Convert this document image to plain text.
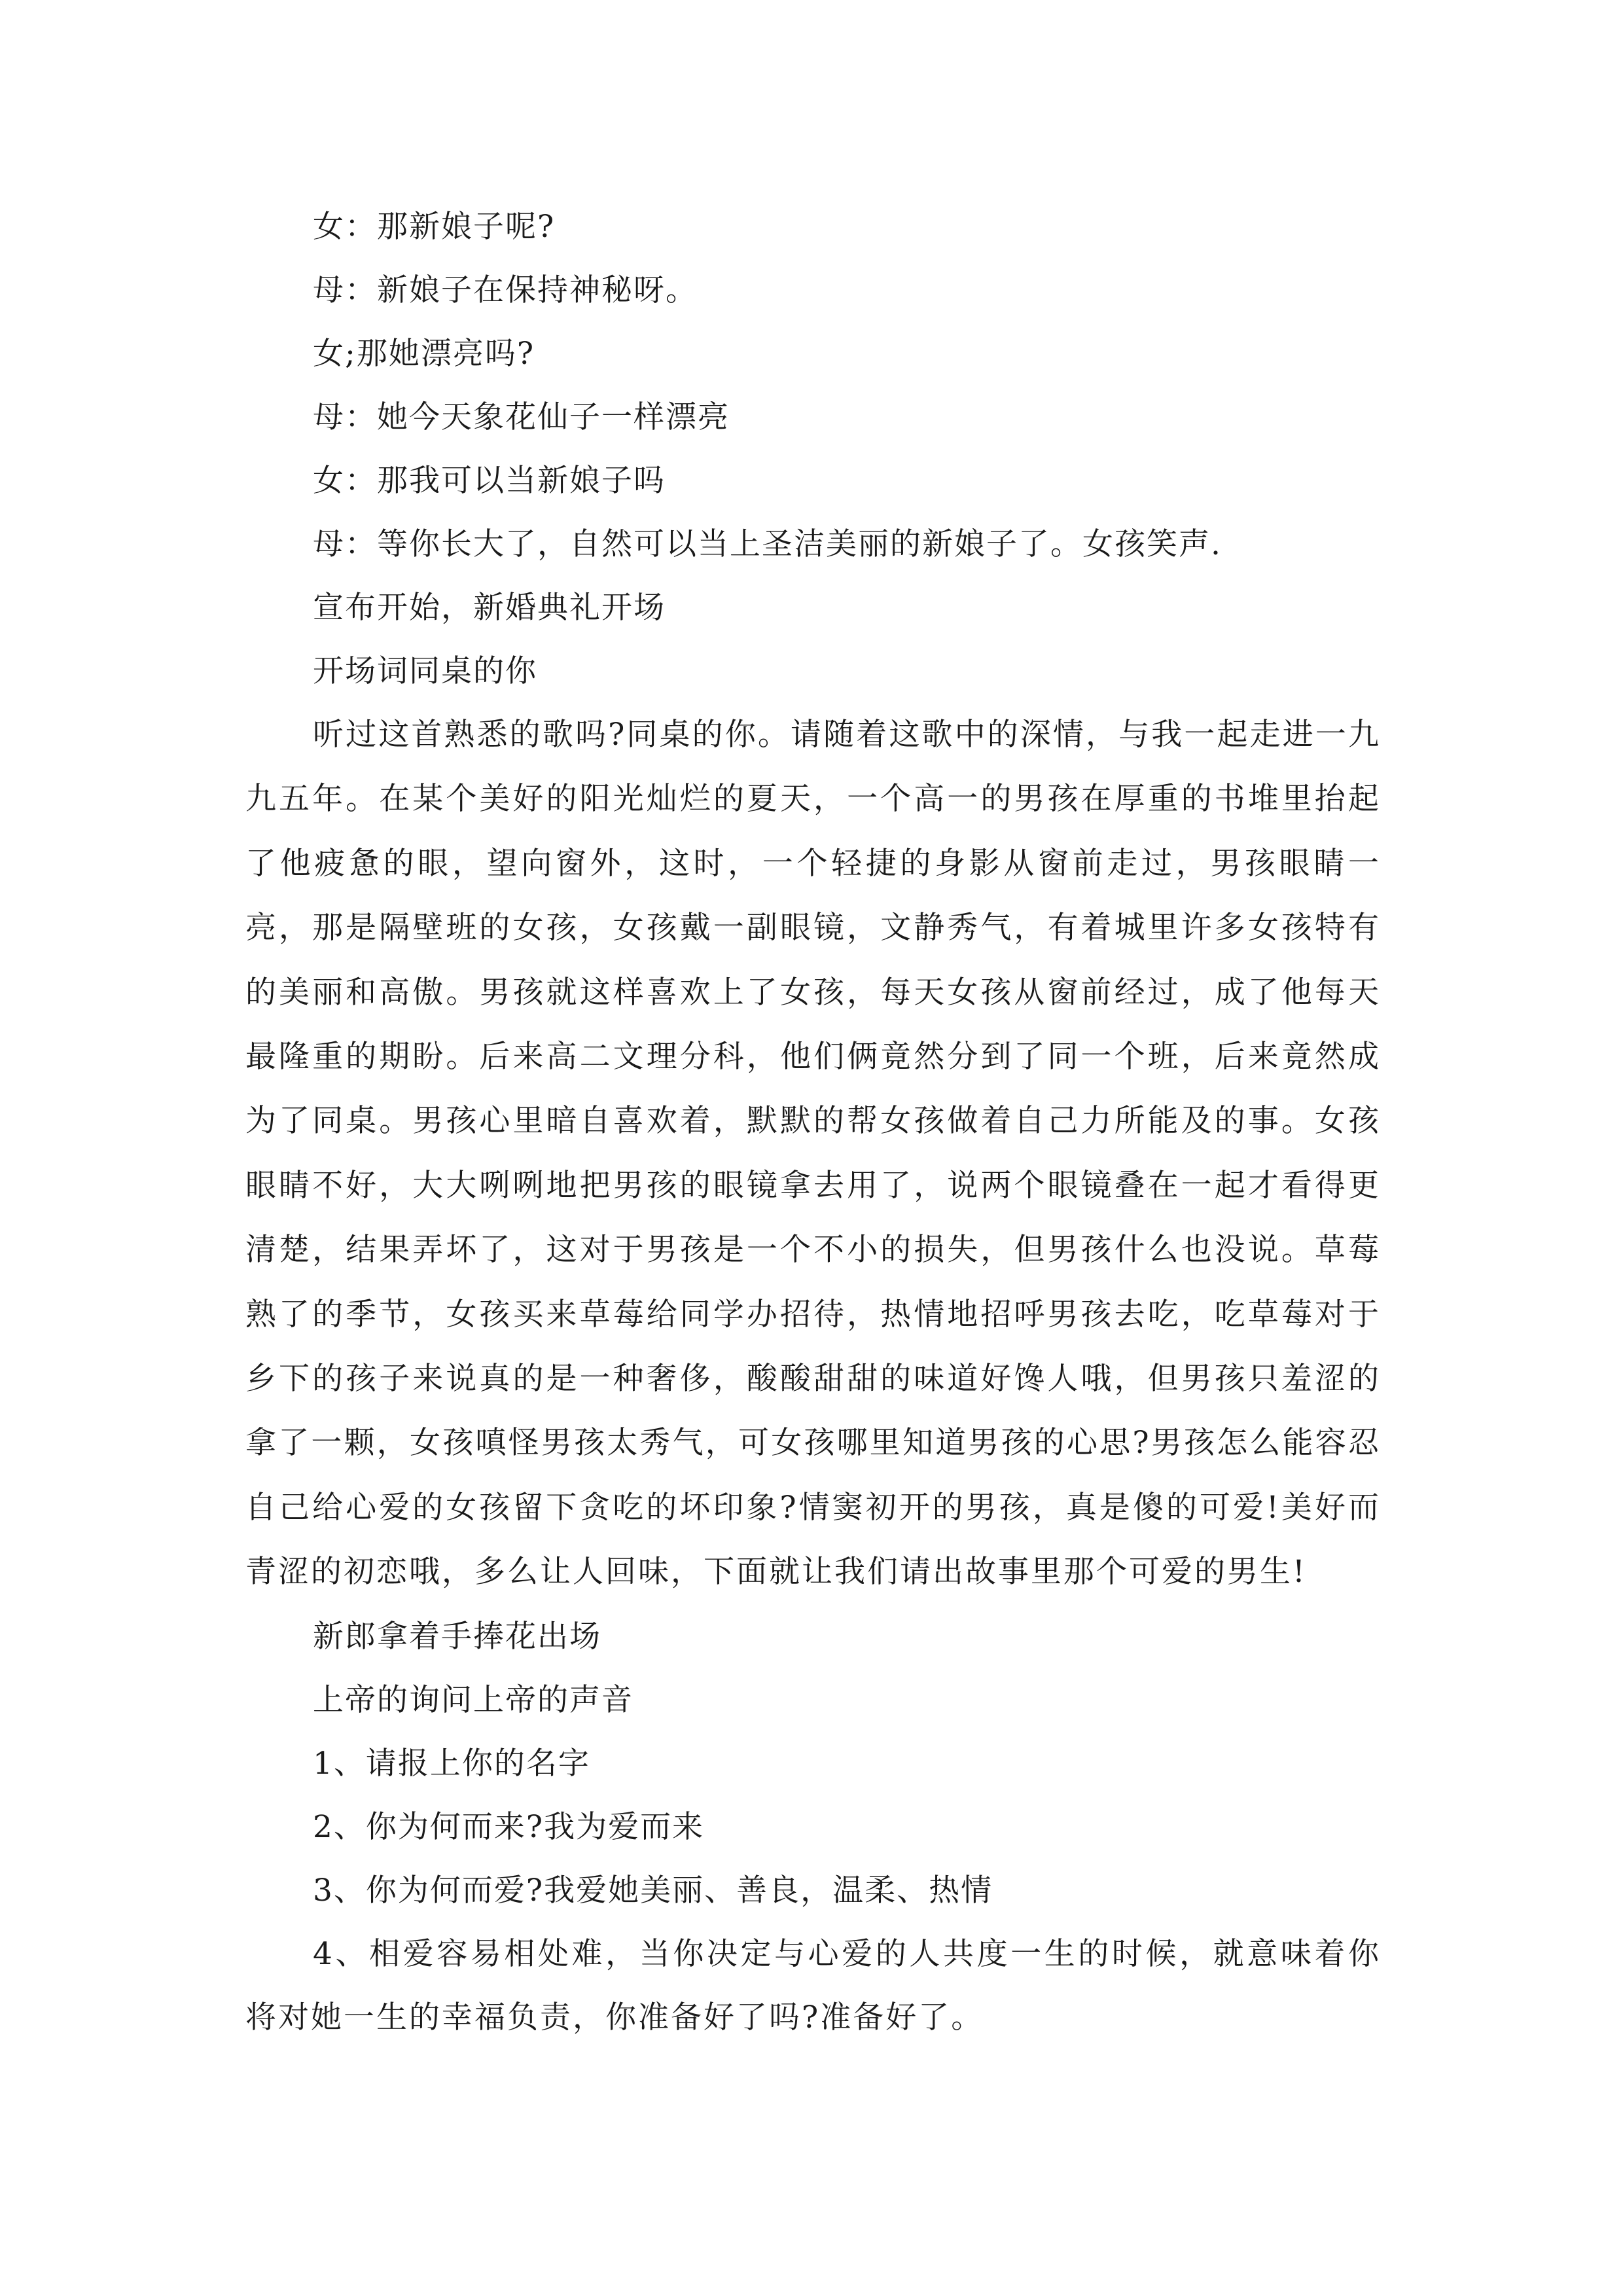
女：那新娘子呢?

母：新娘子在保持神秘呀。

女;那她漂亮吗?

母：她今天象花仙子一样漂亮

女：那我可以当新娘子吗

母：等你长大了，自然可以当上圣洁美丽的新娘子了。女孩笑声.

宣布开始，新婚典礼开场

开场词同桌的你

听过这首熟悉的歌吗?同桌的你。请随着这歌中的深情，与我一起走进一九九五年。在某个美好的阳光灿烂的夏天，一个高一的男孩在厚重的书堆里抬起了他疲惫的眼，望向窗外，这时，一个轻捷的身影从窗前走过，男孩眼睛一亮，那是隔壁班的女孩，女孩戴一副眼镜，文静秀气，有着城里许多女孩特有的美丽和高傲。男孩就这样喜欢上了女孩，每天女孩从窗前经过，成了他每天最隆重的期盼。后来高二文理分科，他们俩竟然分到了同一个班，后来竟然成为了同桌。男孩心里暗自喜欢着，默默的帮女孩做着自己力所能及的事。女孩眼睛不好，大大咧咧地把男孩的眼镜拿去用了，说两个眼镜叠在一起才看得更清楚，结果弄坏了，这对于男孩是一个不小的损失，但男孩什么也没说。草莓熟了的季节，女孩买来草莓给同学办招待，热情地招呼男孩去吃，吃草莓对于乡下的孩子来说真的是一种奢侈，酸酸甜甜的味道好馋人哦，但男孩只羞涩的拿了一颗，女孩嗔怪男孩太秀气，可女孩哪里知道男孩的心思?男孩怎么能容忍自己给心爱的女孩留下贪吃的坏印象?情窦初开的男孩，真是傻的可爱!美好而青涩的初恋哦，多么让人回味，下面就让我们请出故事里那个可爱的男生!

新郎拿着手捧花出场

上帝的询问上帝的声音

1、请报上你的名字

2、你为何而来?我为爱而来

3、你为何而爱?我爱她美丽、善良，温柔、热情

4、相爱容易相处难，当你决定与心爱的人共度一生的时候，就意味着你将对她一生的幸福负责，你准备好了吗?准备好了。
